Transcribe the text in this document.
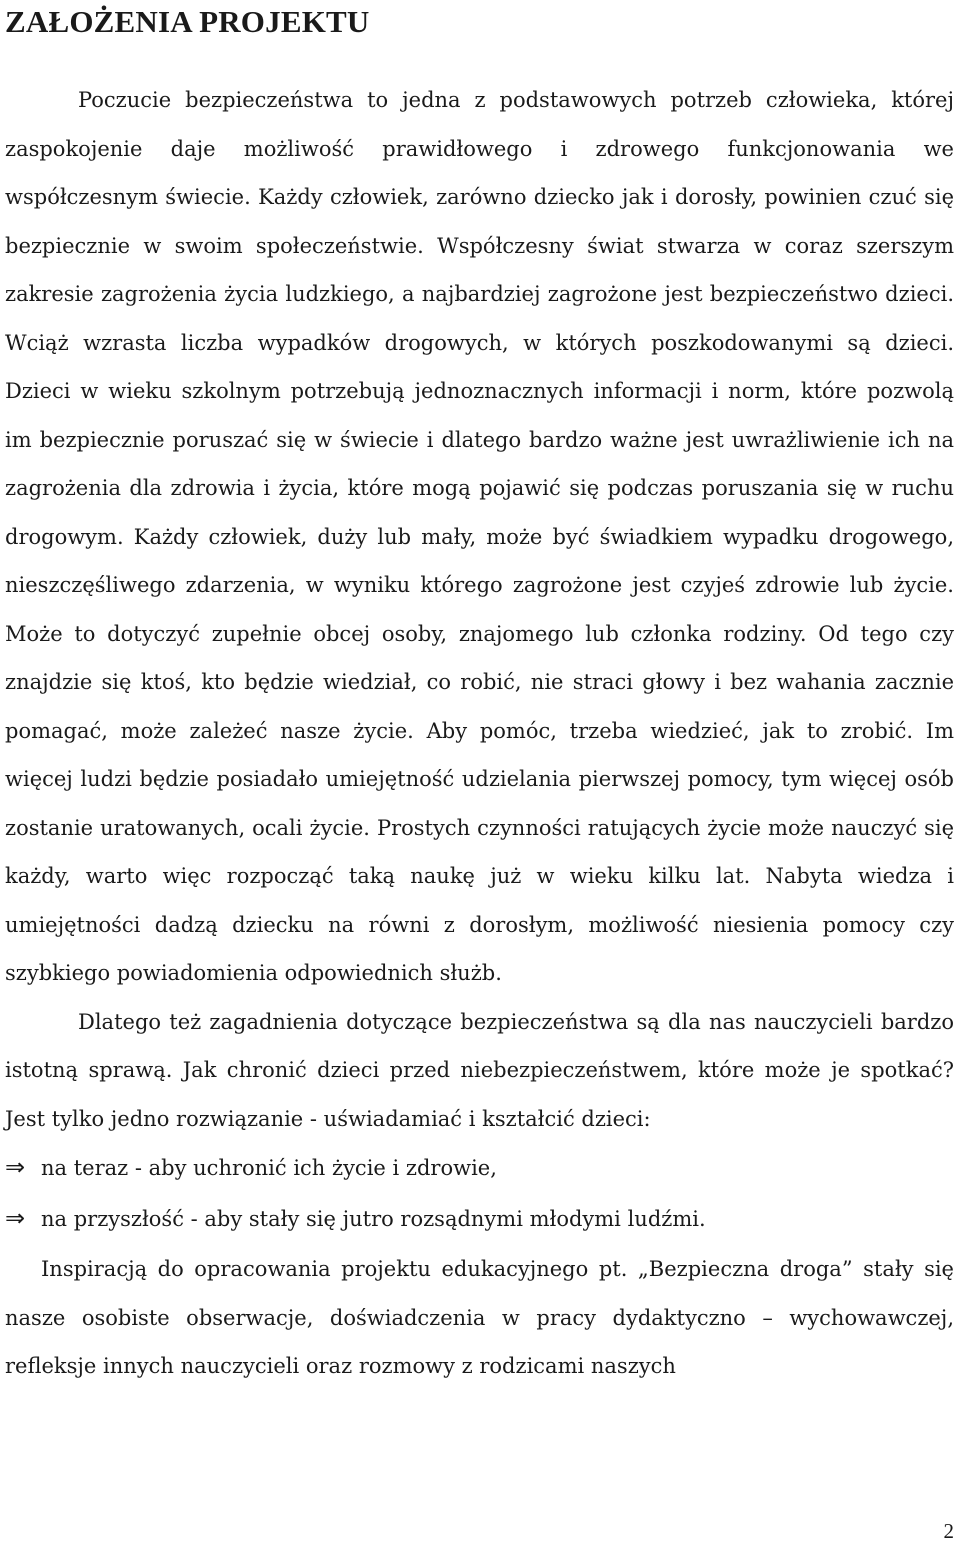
ZAŁOŻENIA PROJEKTU

Poczucie bezpieczeństwa to jedna z podstawowych potrzeb człowieka, której zaspokojenie daje możliwość prawidłowego i zdrowego funkcjonowania we współczesnym świecie. Każdy człowiek, zarówno dziecko jak i dorosły, powinien czuć się bezpiecznie w swoim społeczeństwie. Współczesny świat stwarza w coraz szerszym zakresie zagrożenia życia ludzkiego, a najbardziej zagrożone jest bezpieczeństwo dzieci. Wciąż wzrasta liczba wypadków drogowych, w których poszkodowanymi są dzieci. Dzieci w wieku szkolnym potrzebują jednoznacznych informacji i norm, które pozwolą im bezpiecznie poruszać się w świecie i dlatego bardzo ważne jest uwrażliwienie ich na zagrożenia dla zdrowia i życia, które mogą pojawić się podczas poruszania się w ruchu drogowym. Każdy człowiek, duży lub mały, może być świadkiem wypadku drogowego, nieszczęśliwego zdarzenia, w wyniku którego zagrożone jest czyjeś zdrowie lub życie. Może to dotyczyć zupełnie obcej osoby, znajomego lub członka rodziny. Od tego czy znajdzie się ktoś, kto będzie wiedział, co robić, nie straci głowy i bez wahania zacznie pomagać, może zależeć nasze życie. Aby pomóc, trzeba wiedzieć, jak to zrobić. Im więcej ludzi będzie posiadało umiejętność udzielania pierwszej pomocy, tym więcej osób zostanie uratowanych, ocali życie. Prostych czynności ratujących życie może nauczyć się każdy, warto więc rozpocząć taką naukę już w wieku kilku lat. Nabyta wiedza i umiejętności dadzą dziecku na równi z dorosłym, możliwość niesienia pomocy czy szybkiego powiadomienia odpowiednich służb.

Dlatego też zagadnienia dotyczące bezpieczeństwa są dla nas nauczycieli bardzo istotną sprawą. Jak chronić dzieci przed niebezpieczeństwem, które może je spotkać? Jest tylko jedno rozwiązanie - uświadamiać i kształcić dzieci:

⇒ na teraz - aby uchronić ich życie i zdrowie,
⇒ na przyszłość - aby stały się jutro rozsądnymi młodymi ludźmi.

Inspiracją do opracowania projektu edukacyjnego pt. „Bezpieczna droga” stały się nasze osobiste obserwacje, doświadczenia w pracy dydaktyczno – wychowawczej, refleksje innych nauczycieli oraz rozmowy z rodzicami naszych

2
